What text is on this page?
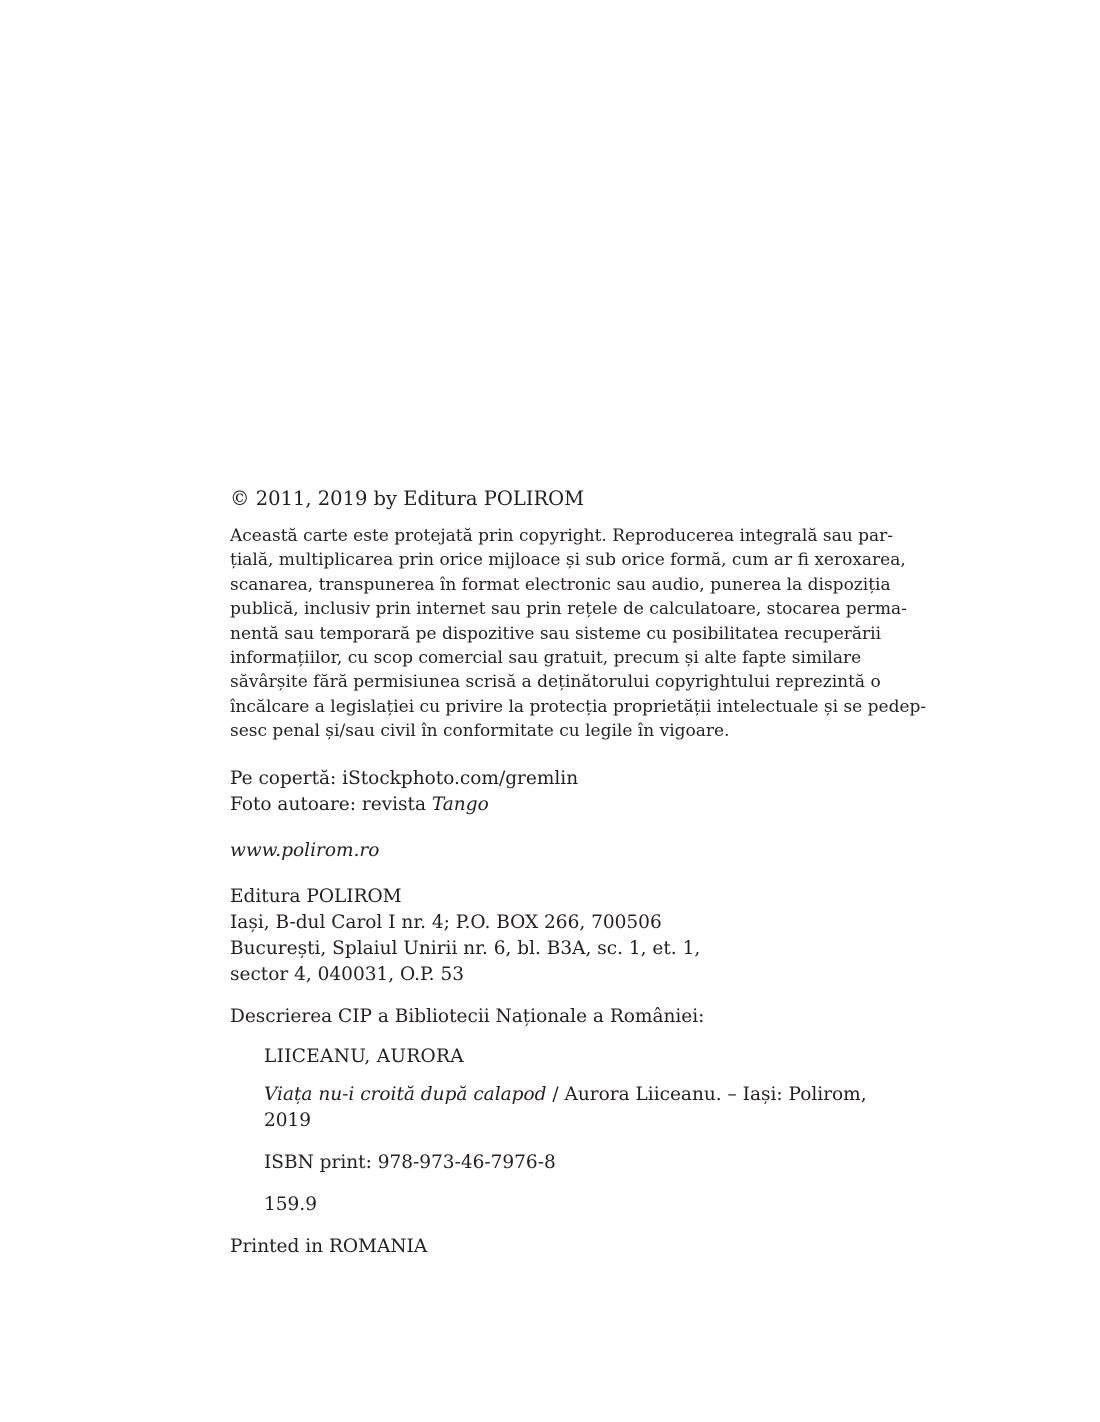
© 2011, 2019 by Editura POLIROM
Această carte este protejată prin copyright. Reproducerea integrală sau par-
țială, multiplicarea prin orice mijloace și sub orice formă, cum ar fi xeroxarea,
scanarea, transpunerea în format electronic sau audio, punerea la dispoziția
publică, inclusiv prin internet sau prin rețele de calculatoare, stocarea perma-
nentă sau temporară pe dispozitive sau sisteme cu posibilitatea recuperării
informațiilor, cu scop comercial sau gratuit, precum și alte fapte similare
săvârșite fără permisiunea scrisă a deținătorului copyrightului reprezintă o
încălcare a legislației cu privire la protecția proprietății intelectuale și se pedep-
sesc penal și/sau civil în conformitate cu legile în vigoare.
Pe copertă: iStockphoto.com/gremlin
Foto autoare: revista Tango
www.polirom.ro
Editura POLIROM
Iași, B-dul Carol I nr. 4; P.O. BOX 266, 700506
București, Splaiul Unirii nr. 6, bl. B3A, sc. 1, et. 1,
sector 4, 040031, O.P. 53
Descrierea CIP a Bibliotecii Naționale a României:
LIICEANU, AURORA
Viața nu-i croită după calapod / Aurora Liiceanu. – Iași: Polirom,
2019
ISBN print: 978-973-46-7976-8
159.9
Printed in ROMANIA
